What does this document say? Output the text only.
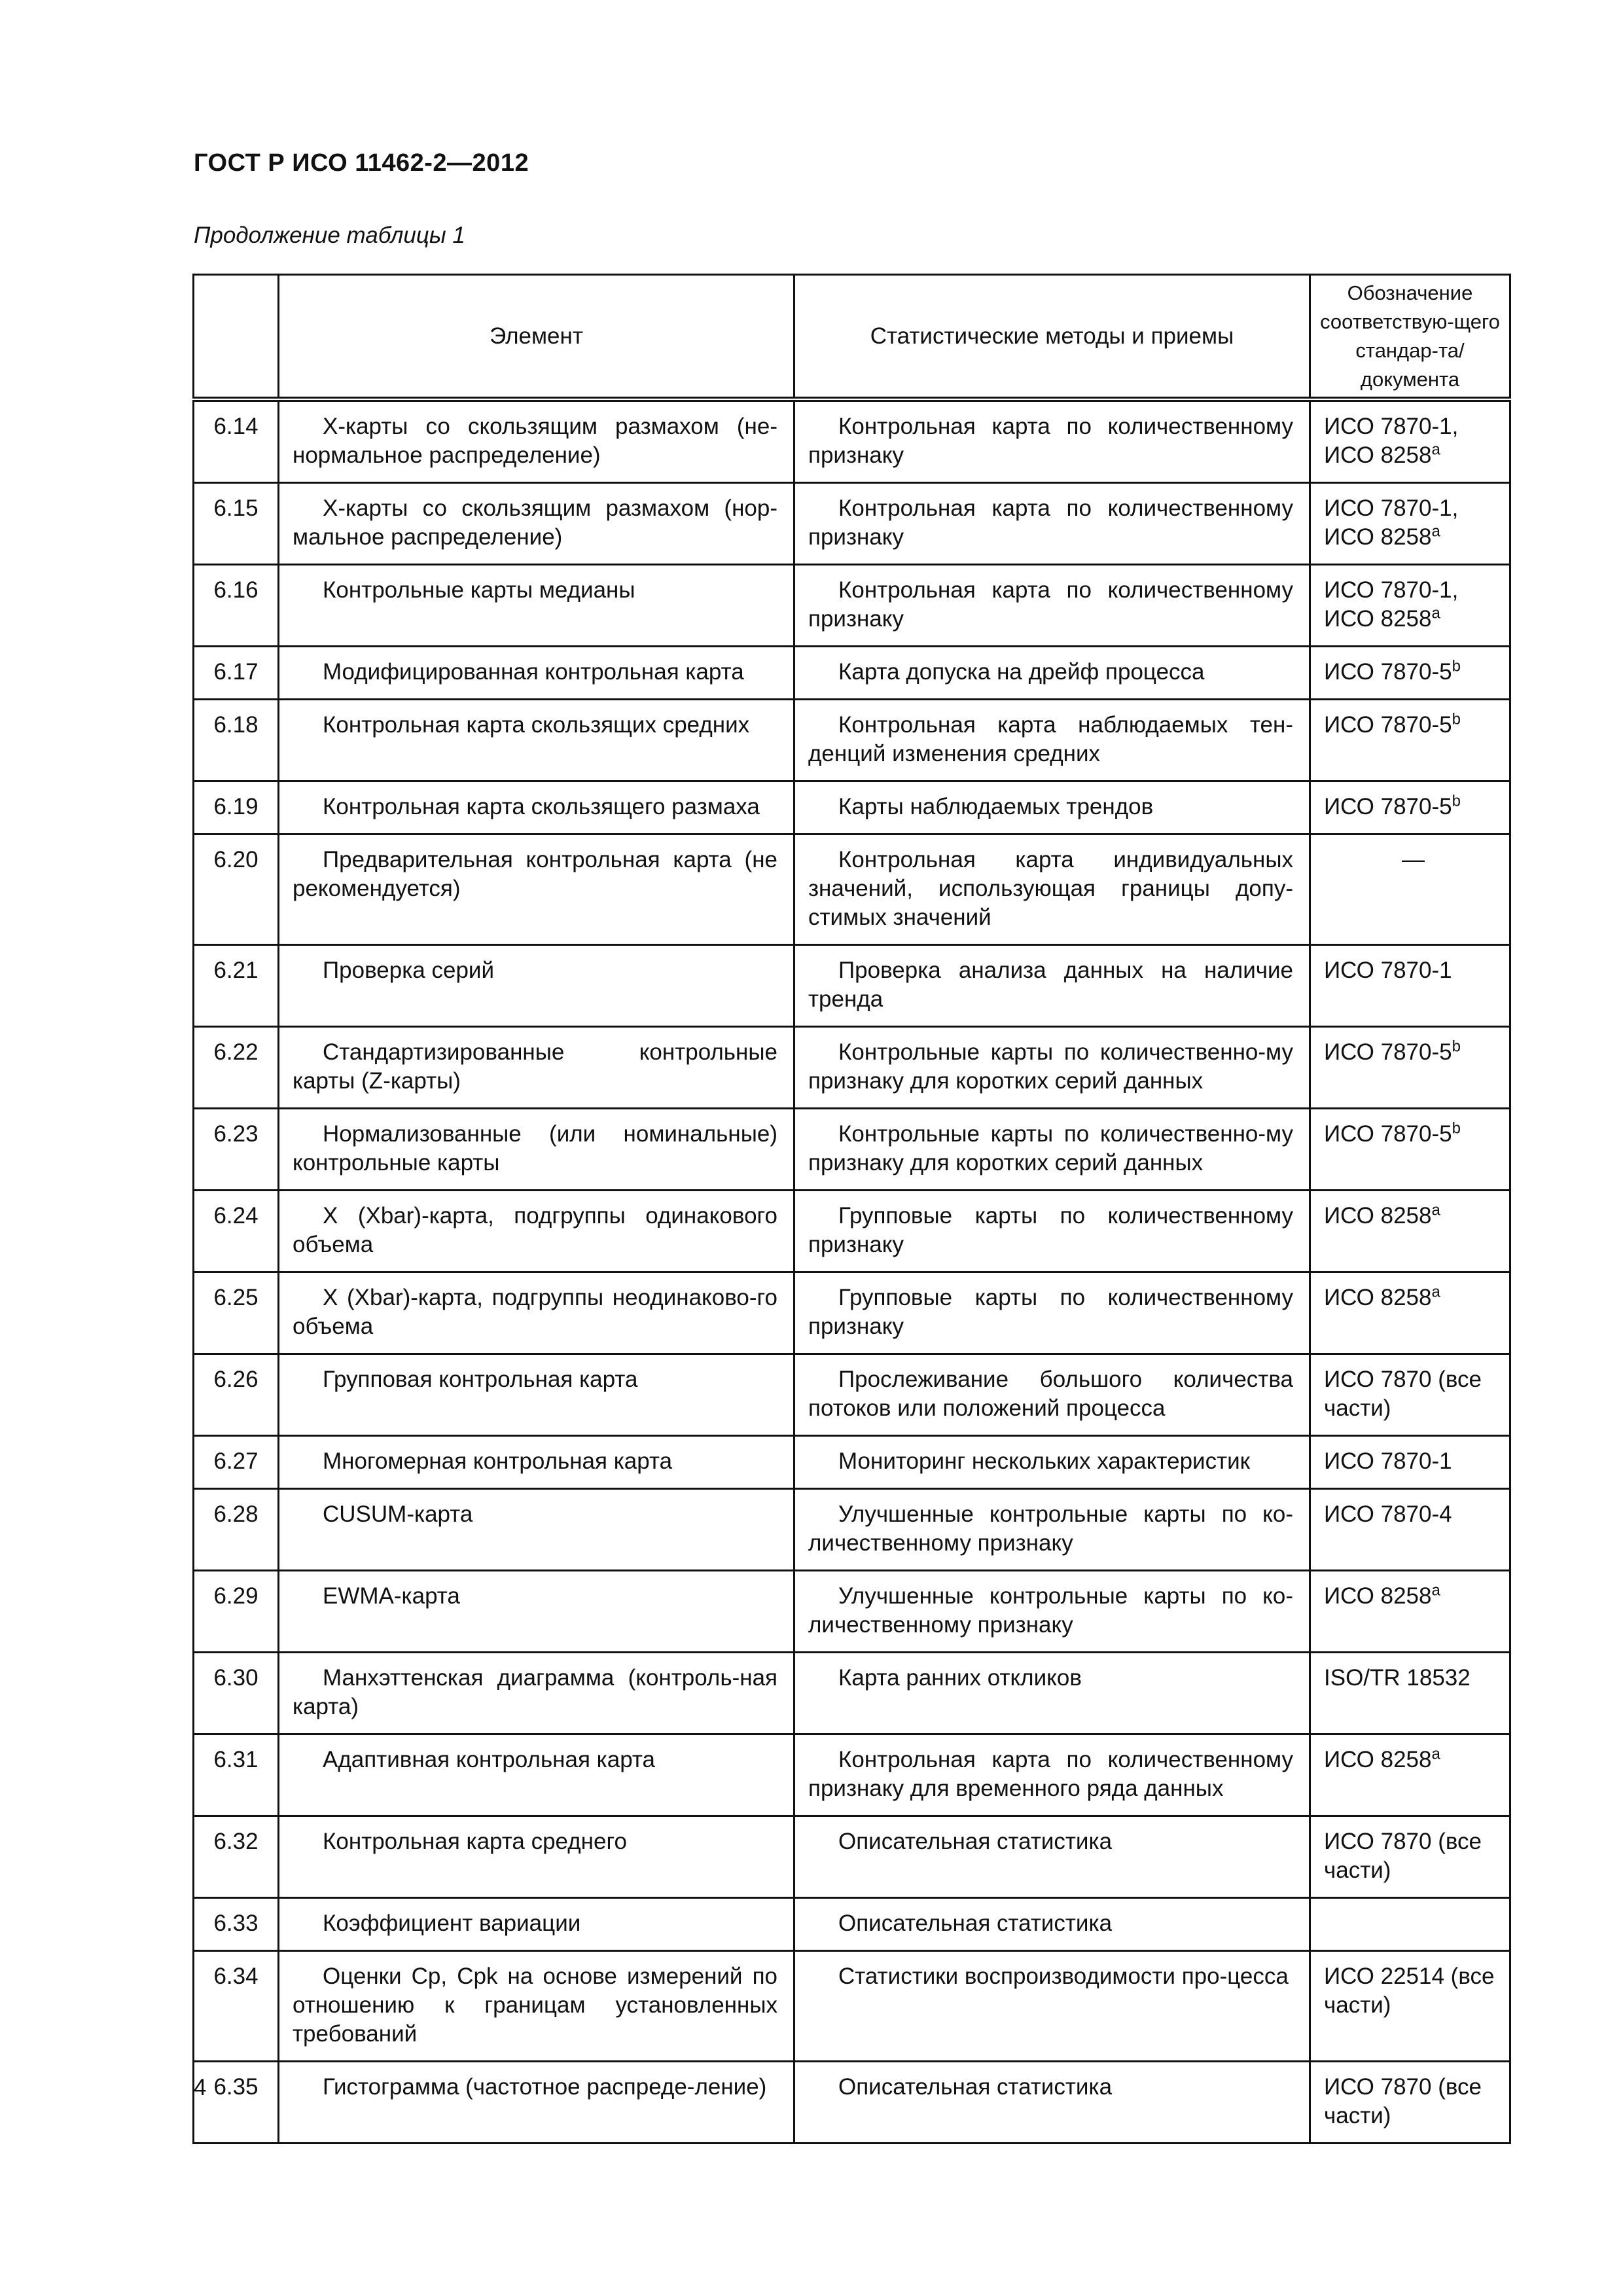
ГОСТ Р ИСО 11462-2—2012
Продолжение таблицы 1
	Элемент	Статистические методы и приемы	Обозначение соответствую-щего стандар-та/документа
6.14	X-карты со скользящим размахом (не-нормальное распределение)	Контрольная карта по количественному признаку	ИСО 7870-1, ИСО 8258$^a$
6.15	X-карты со скользящим размахом (нор-мальное распределение)	Контрольная карта по количественному признаку	ИСО 7870-1, ИСО 8258$^a$
6.16	Контрольные карты медианы	Контрольная карта по количественному признаку	ИСО 7870-1, ИСО 8258$^a$
6.17	Модифицированная контрольная карта	Карта допуска на дрейф процесса	ИСО 7870-5$^b$
6.18	Контрольная карта скользящих средних	Контрольная карта наблюдаемых тен-денций изменения средних	ИСО 7870-5$^b$
6.19	Контрольная карта скользящего размаха	Карты наблюдаемых трендов	ИСО 7870-5$^b$
6.20	Предварительная контрольная карта (не рекомендуется)	Контрольная карта индивидуальных значений, использующая границы допу-стимых значений	—
6.21	Проверка серий	Проверка анализа данных на наличие тренда	ИСО 7870-1
6.22	Стандартизированные контрольные карты (Z-карты)	Контрольные карты по количественно-му признаку для коротких серий данных	ИСО 7870-5$^b$
6.23	Нормализованные (или номинальные) контрольные карты	Контрольные карты по количественно-му признаку для коротких серий данных	ИСО 7870-5$^b$
6.24	X (Xbar)-карта, подгруппы одинакового объема	Групповые карты по количественному признаку	ИСО 8258$^a$
6.25	X (Xbar)-карта, подгруппы неодинаково-го объема	Групповые карты по количественному признаку	ИСО 8258$^a$
6.26	Групповая контрольная карта	Прослеживание большого количества потоков или положений процесса	ИСО 7870 (все части)
6.27	Многомерная контрольная карта	Мониторинг нескольких характеристик	ИСО 7870-1
6.28	CUSUM-карта	Улучшенные контрольные карты по ко-личественному признаку	ИСО 7870-4
6.29	EWMA-карта	Улучшенные контрольные карты по ко-личественному признаку	ИСО 8258$^a$
6.30	Манхэттенская диаграмма (контроль-ная карта)	Карта ранних откликов	ISO/TR 18532
6.31	Адаптивная контрольная карта	Контрольная карта по количественному признаку для временного ряда данных	ИСО 8258$^a$
6.32	Контрольная карта среднего	Описательная статистика	ИСО 7870 (все части)
6.33	Коэффициент вариации	Описательная статистика	
6.34	Оценки Cp, Cpk на основе измерений по отношению к границам установленных требований	Статистики воспроизводимости про-цесса	ИСО 22514 (все части)
6.35	Гистограмма (частотное распреде-ление)	Описательная статистика	ИСО 7870 (все части)
4
